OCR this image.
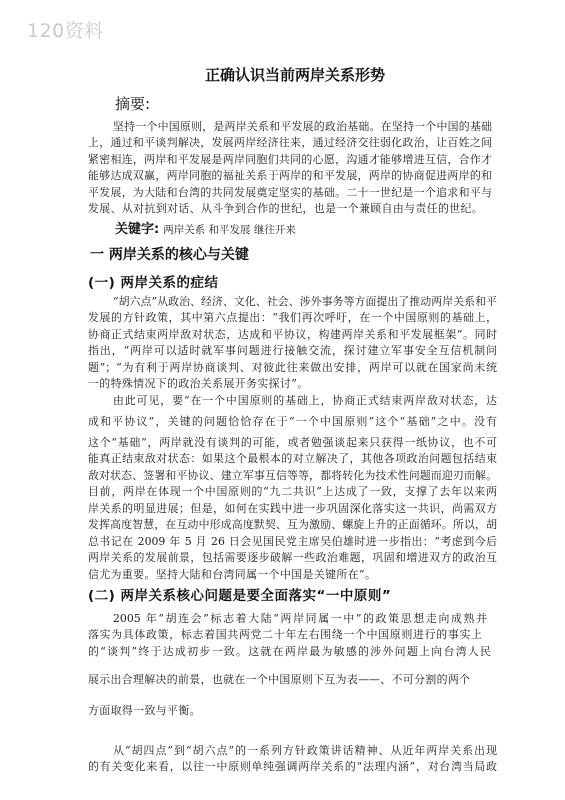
120资料
正确认识当前两岸关系形势
摘要:
坚持一个中国原则，是两岸关系和平发展的政治基础。在坚持一个中国的基础
上，通过和平谈判解决，发展两岸经济往来，通过经济交往弱化政治，让百姓之间
紧密相连，两岸和平发展是两岸同胞们共同的心愿，沟通才能够增进互信，合作才
能够达成双赢，两岸同胞的福祉关系于两岸的和平发展，两岸的协商促进两岸的和
平发展，为大陆和台湾的共同发展奠定坚实的基础。二十一世纪是一个追求和平与
发展、从对抗到对话、从斗争到合作的世纪，也是一个兼顾自由与责任的世纪。
关键字: 两岸关系 和平发展 继往开来
一 两岸关系的核心与关键
(一) 两岸关系的症结
“胡六点”从政治、经济、文化、社会、涉外事务等方面提出了推动两岸关系和平
发展的方针政策，其中第六点提出：“我们再次呼吁，在一个中国原则的基础上，
协商正式结束两岸敌对状态，达成和平协议，构建两岸关系和平发展框架”。同时
指出，“两岸可以适时就军事问题进行接触交流，探讨建立军事安全互信机制问
题”；“为有利于两岸协商谈判、对彼此往来做出安排，两岸可以就在国家尚未统
一的特殊情况下的政治关系展开务实探讨”。
由此可见，要“在一个中国原则的基础上，协商正式结束两岸敌对状态，达
成和平协议”，关键的问题恰恰存在于“一个中国原则”这个“基础”之中。没有
这个“基础”，两岸就没有谈判的可能，或者勉强谈起来只获得一纸协议，也不可
能真正结束敌对状态：如果这个最根本的对立解决了，其他各项政治问题包括结束
敌对状态、签署和平协议、建立军事互信等等，都将转化为技术性问题而迎刃而解。
目前，两岸在体现一个中国原则的“九二共识”上达成了一致，支撑了去年以来两
岸关系的明显进展；但是，如何在实践中进一步巩固深化落实这一共识，尚需双方
发挥高度智慧，在互动中形成高度默契、互为激励、螺旋上升的正面循环。所以，胡
总书记在 2009 年 5 月 26 日会见国民党主席吴伯雄时进一步指出：“考虑到今后
两岸关系的发展前景，包括需要逐步破解一些政治难题，巩固和增进双方的政治互
信尤为重要。坚持大陆和台湾同属一个中国是关键所在”。
(二) 两岸关系核心问题是要全面落实“一中原则”
2005 年“胡连会”标志着大陆“两岸同属一中”的政策思想走向成熟并
落实为具体政策，标志着国共两党二十年左右围绕一个中国原则进行的事实上
的“谈判”终于达成初步一致。这就在两岸最为敏感的涉外问题上向台湾人民
展示出合理解决的前景，也就在一个中国原则下互为表——、不可分割的两个
方面取得一致与平衡。
从“胡四点”到“胡六点”的一系列方针政策讲话精神、从近年两岸关系出现
的有关变化来看，以往一中原则单纯强调两岸关系的“法理内涵”，对台湾当局政
